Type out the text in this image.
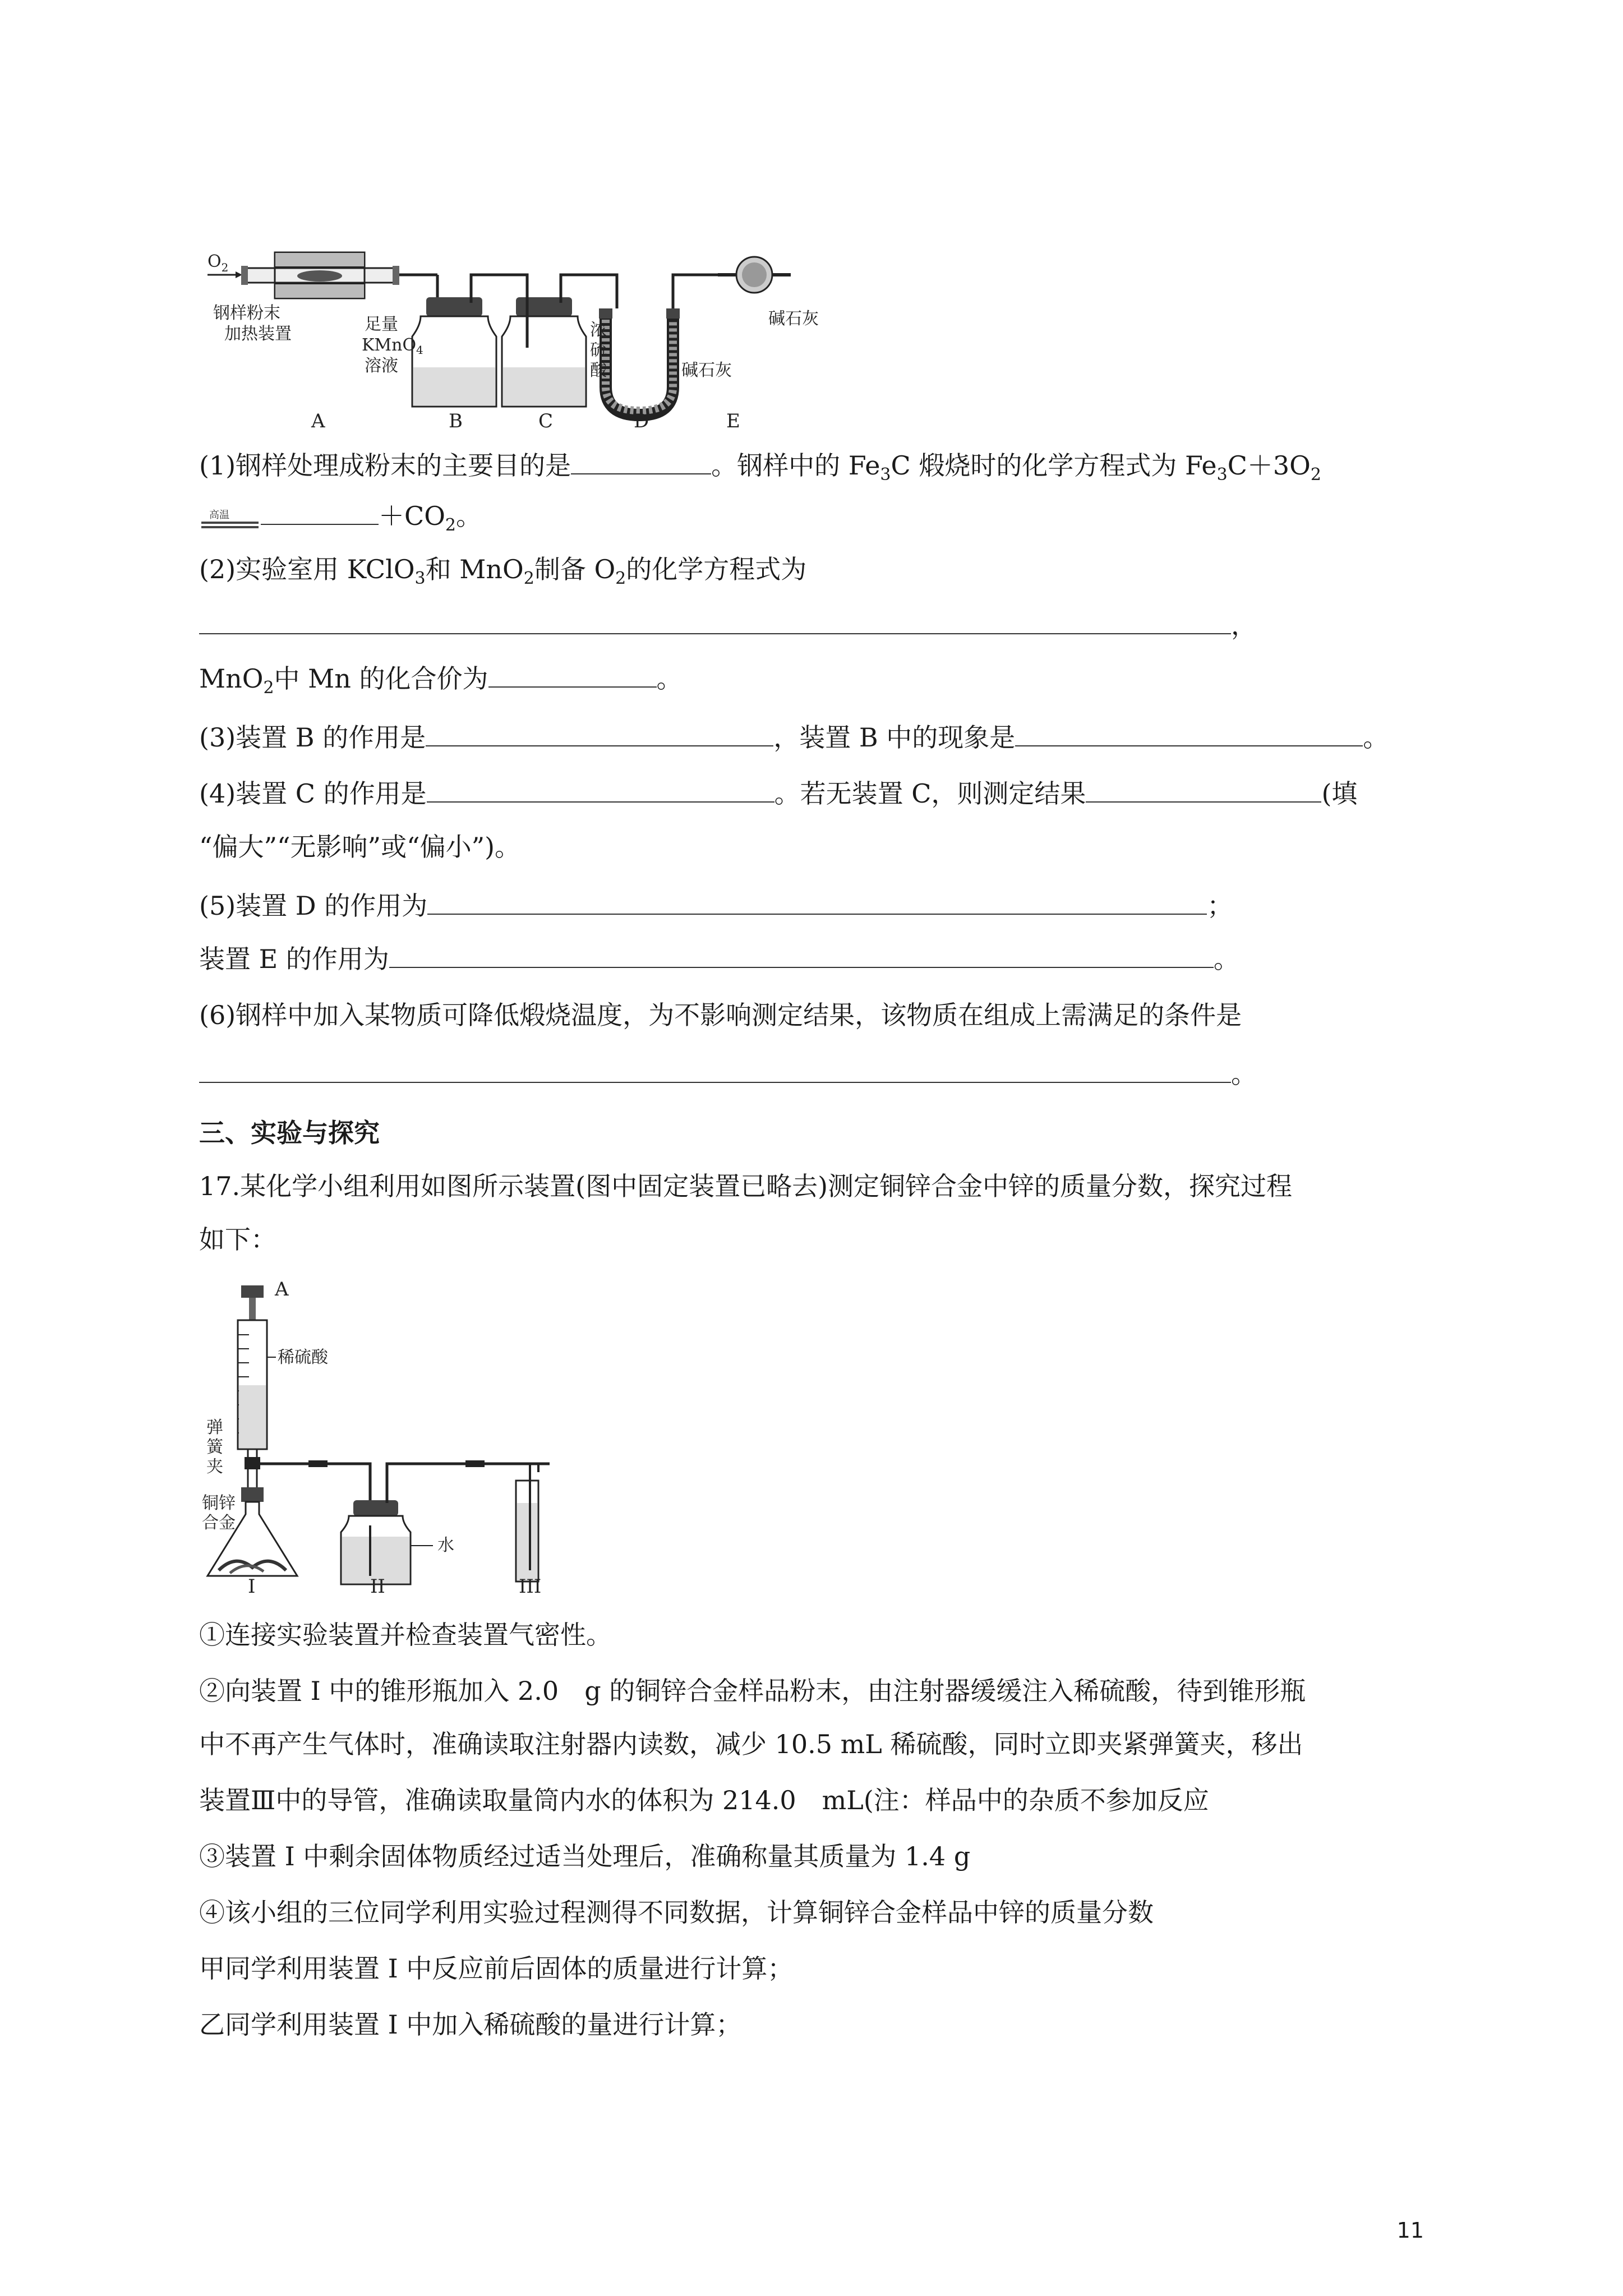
$O_2$
钢样粉末
加热装置	足量
KMnO$_4$
溶液
浓
硫
酸
碱石灰
碱石灰
A	B	C	D	E
(1)钢样处理成粉末的主要目的是	。钢样中的 $Fe_3C$ 煅烧时的化学方程式为 $Fe_3C+3O_2$
高温	$+CO_2$。
(2)实验室用 KClO$_3$和 MnO$_2$制备 $O_2$的化学方程式为
，
MnO$_2$中 Mn 的化合价为	。
(3)装置 B 的作用是	，装置 B 中的现象是	。
(4)装置 C 的作用是	。若无装置 C，则测定结果	(填
“偏大”“无影响”或“偏小”)。
(5)装置 D 的作用为	；
装置 E 的作用为	。
(6)钢样中加入某物质可降低煅烧温度，为不影响测定结果，该物质在组成上需满足的条件是
。
三、实验与探究
17.某化学小组利用如图所示装置(图中固定装置已略去)测定铜锌合金中锌的质量分数，探究过程
如下：
A
稀硫酸
弹
簧
夹
铜锌
合金
水
I	II	III
①连接实验装置并检查装置气密性。
②向装置 I 中的锥形瓶加入 2.0　g 的铜锌合金样品粉末，由注射器缓缓注入稀硫酸，待到锥形瓶
中不再产生气体时，准确读取注射器内读数，减少 10.5 mL 稀硫酸，同时立即夹紧弹簧夹，移出
装置Ⅲ中的导管，准确读取量筒内水的体积为 214.0　mL(注：样品中的杂质不参加反应
③装置 I 中剩余固体物质经过适当处理后，准确称量其质量为 1.4 g
④该小组的三位同学利用实验过程测得不同数据，计算铜锌合金样品中锌的质量分数
甲同学利用装置 I 中反应前后固体的质量进行计算；
乙同学利用装置 I 中加入稀硫酸的量进行计算；
11
